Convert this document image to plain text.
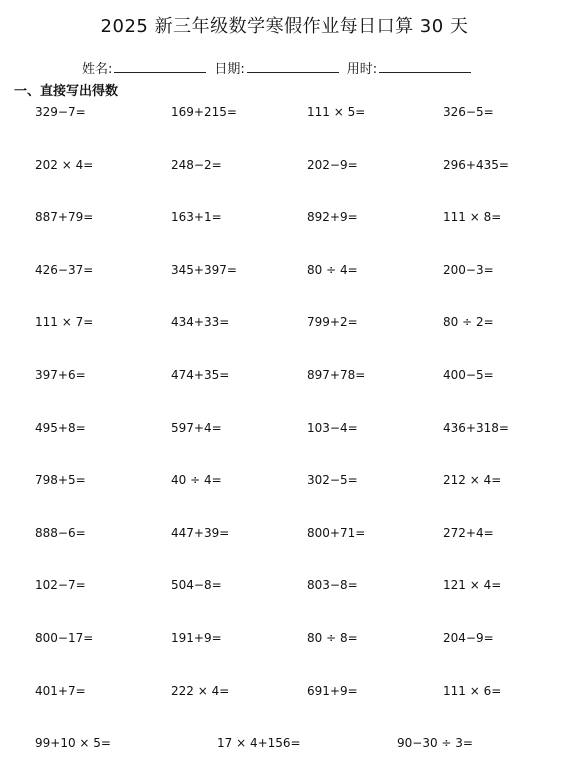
2025 新三年级数学寒假作业每日口算 30 天
姓名:	日期:	用时:
一、直接写出得数
329−7=	169+215=	111 × 5=	326−5=
202 × 4=	248−2=	202−9=	296+435=
887+79=	163+1=	892+9=	111 × 8=
426−37=	345+397=	80 ÷ 4=	200−3=
111 × 7=	434+33=	799+2=	80 ÷ 2=
397+6=	474+35=	897+78=	400−5=
495+8=	597+4=	103−4=	436+318=
798+5=	40 ÷ 4=	302−5=	212 × 4=
888−6=	447+39=	800+71=	272+4=
102−7=	504−8=	803−8=	121 × 4=
800−17=	191+9=	80 ÷ 8=	204−9=
401+7=	222 × 4=	691+9=	111 × 6=
99+10 × 5=	17 × 4+156=	90−30 ÷ 3=
